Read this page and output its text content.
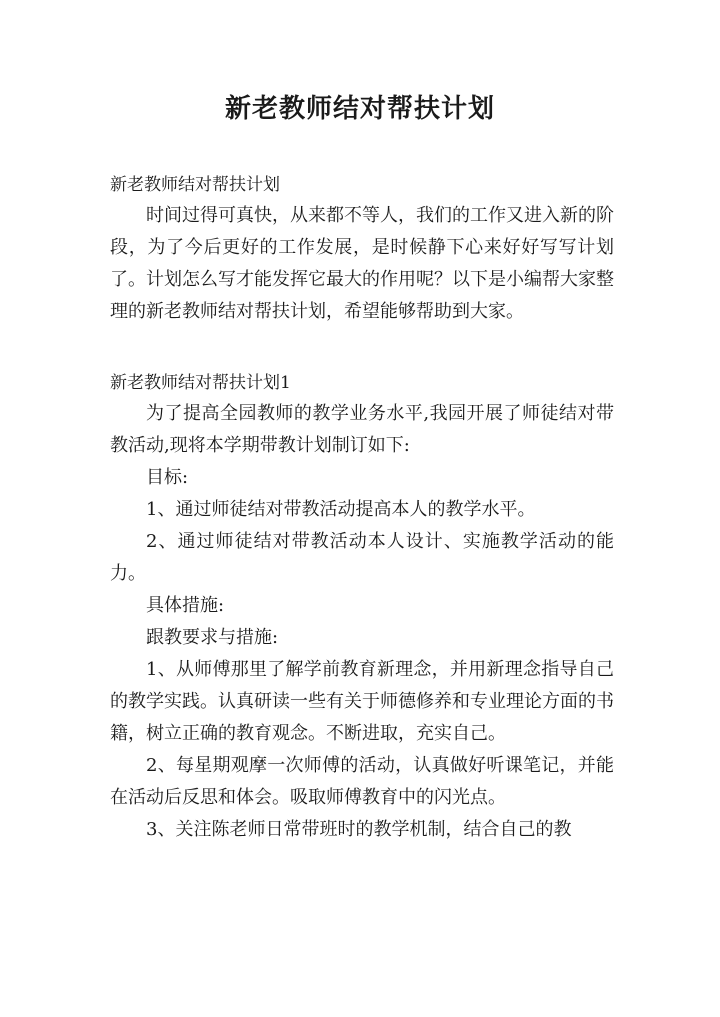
新老教师结对帮扶计划

新老教师结对帮扶计划

时间过得可真快，从来都不等人，我们的工作又进入新的阶段，为了今后更好的工作发展，是时候静下心来好好写写计划了。计划怎么写才能发挥它最大的作用呢？以下是小编帮大家整理的新老教师结对帮扶计划，希望能够帮助到大家。

新老教师结对帮扶计划1

为了提高全园教师的教学业务水平,我园开展了师徒结对带教活动,现将本学期带教计划制订如下:

目标:

1、通过师徒结对带教活动提高本人的教学水平。

2、通过师徒结对带教活动本人设计、实施教学活动的能力。

具体措施:

跟教要求与措施:

1、从师傅那里了解学前教育新理念，并用新理念指导自己的教学实践。认真研读一些有关于师德修养和专业理论方面的书籍，树立正确的教育观念。不断进取，充实自己。

2、每星期观摩一次师傅的活动，认真做好听课笔记，并能在活动后反思和体会。吸取师傅教育中的闪光点。

3、关注陈老师日常带班时的教学机制，结合自己的教
